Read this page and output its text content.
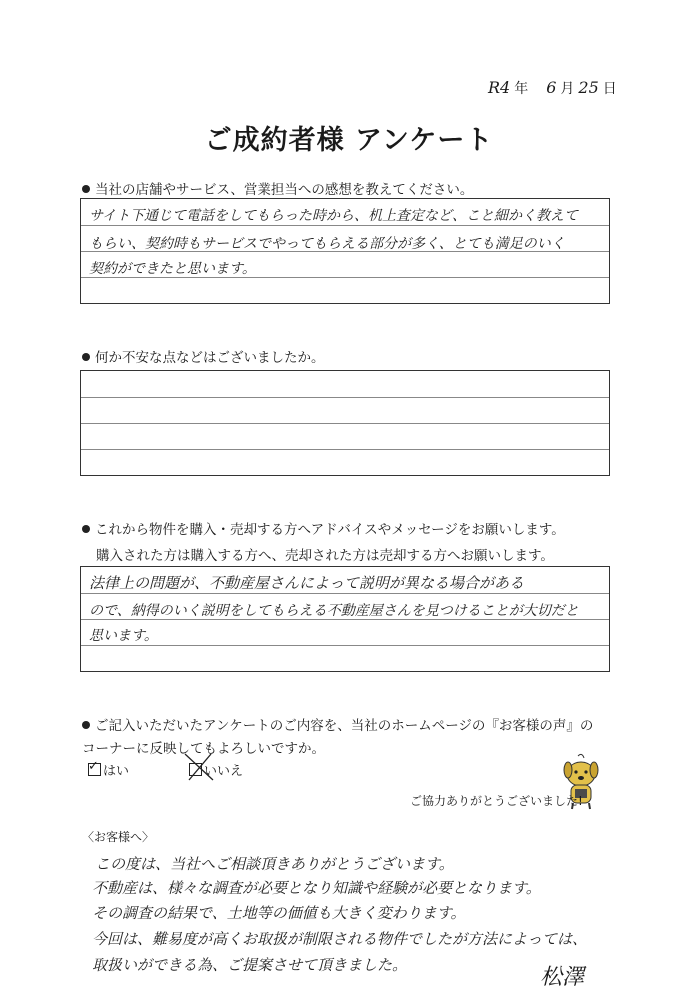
R4 年 6 月 25 日
ご成約者様 アンケート
当社の店舗やサービス、営業担当への感想を教えてください。
サイト下通じて電話をしてもらった時から、机上査定など、こと細かく教えて
もらい、契約時もサービスでやってもらえる部分が多く、とても満足のいく
契約ができたと思います。
何か不安な点などはございましたか。
これから物件を購入・売却する方へアドバイスやメッセージをお願いします。
購入された方は購入する方へ、売却された方は売却する方へお願いします。
法律上の問題が、不動産屋さんによって説明が異なる場合がある
ので、納得のいく説明をしてもらえる不動産屋さんを見つけることが大切だと
思います。
ご記入いただいたアンケートのご内容を、当社のホームページの『お客様の声』の
コーナーに反映してもよろしいですか。
✓はい	いいえ
ご協力ありがとうございました!
〈お客様へ〉
この度は、当社へご相談頂きありがとうございます。
不動産は、様々な調査が必要となり知識や経験が必要となります。
その調査の結果で、土地等の価値も大きく変わります。
今回は、難易度が高くお取扱が制限される物件でしたが方法によっては、
取扱いができる為、ご提案させて頂きました。	松澤
